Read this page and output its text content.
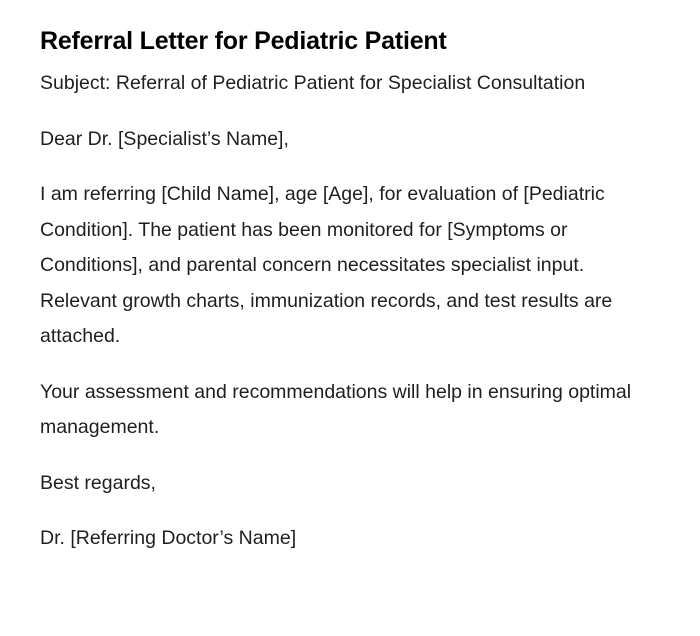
Referral Letter for Pediatric Patient

Subject: Referral of Pediatric Patient for Specialist Consultation

Dear Dr. [Specialist’s Name],

I am referring [Child Name], age [Age], for evaluation of [Pediatric Condition]. The patient has been monitored for [Symptoms or Conditions], and parental concern necessitates specialist input. Relevant growth charts, immunization records, and test results are attached.

Your assessment and recommendations will help in ensuring optimal management.

Best regards,

Dr. [Referring Doctor’s Name]
